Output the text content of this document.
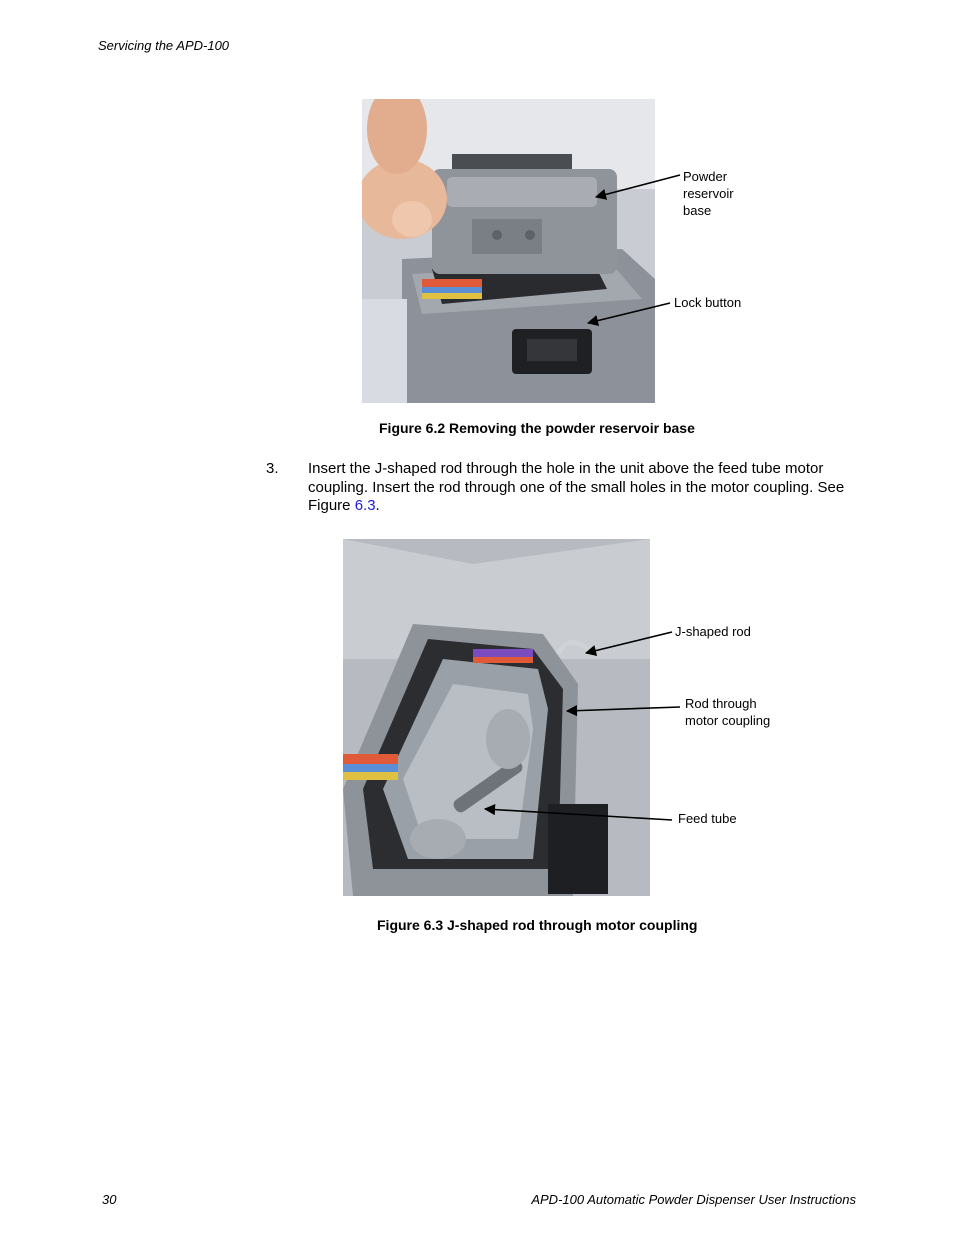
Servicing the APD-100
Powder
reservoir
base
Lock button
Figure 6.2 Removing the powder reservoir base
3. Insert the J-shaped rod through the hole in the unit above the feed tube motor coupling. Insert the rod through one of the small holes in the motor coupling. See Figure 6.3.
J-shaped rod
Rod through
motor coupling
Feed tube
Figure 6.3 J-shaped rod through motor coupling
30	APD-100 Automatic Powder Dispenser User Instructions
